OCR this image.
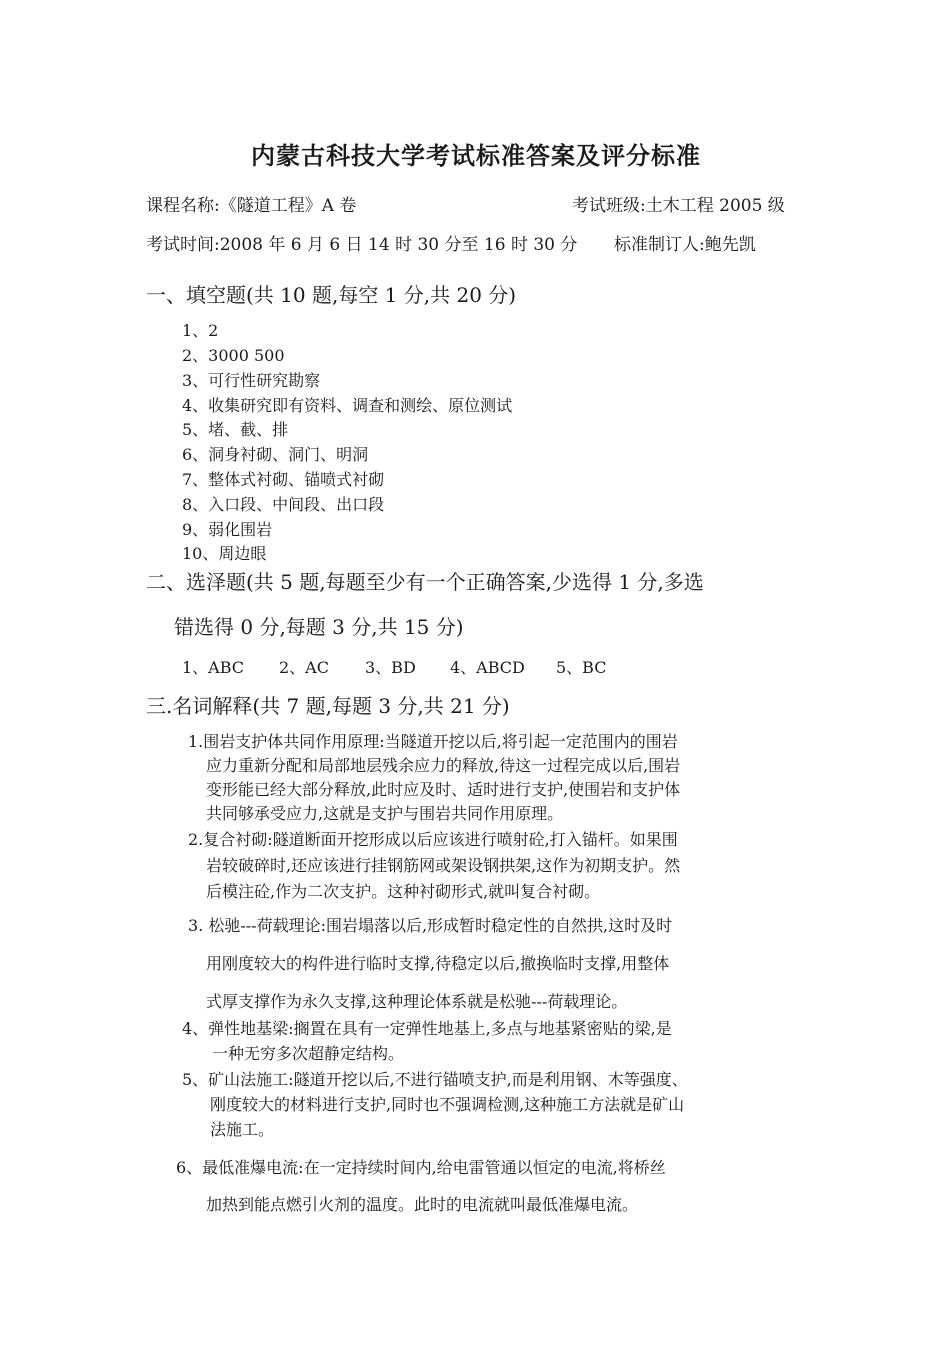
内蒙古科技大学考试标准答案及评分标准
课程名称:《隧道工程》A 卷	考试班级:土木工程 2005 级
考试时间:2008 年 6 月 6 日 14 时 30 分至 16 时 30 分 标准制订人:鲍先凯
一、填空题(共 10 题,每空 1 分,共 20 分)
1、2
2、3000 500
3、可行性研究勘察
4、收集研究即有资料、调查和测绘、原位测试
5、堵、截、排
6、洞身衬砌、洞门、明洞
7、整体式衬砌、锚喷式衬砌
8、入口段、中间段、出口段
9、弱化围岩
10、周边眼
二、选泽题(共 5 题,每题至少有一个正确答案,少选得 1 分,多选
错选得 0 分,每题 3 分,共 15 分)
1、ABC 2、AC 3、BD 4、ABCD 5、BC
三.名词解释(共 7 题,每题 3 分,共 21 分)
1.围岩支护体共同作用原理:当隧道开挖以后,将引起一定范围内的围岩
应力重新分配和局部地层残余应力的释放,待这一过程完成以后,围岩
变形能已经大部分释放,此时应及时、适时进行支护,使围岩和支护体
共同够承受应力,这就是支护与围岩共同作用原理。
2.复合衬砌:隧道断面开挖形成以后应该进行喷射砼,打入锚杆。如果围
岩较破碎时,还应该进行挂钢筋网或架设钢拱架,这作为初期支护。然
后模注砼,作为二次支护。这种衬砌形式,就叫复合衬砌。
3. 松驰---荷载理论:围岩塌落以后,形成暂时稳定性的自然拱,这时及时
用刚度较大的构件进行临时支撑,待稳定以后,撤换临时支撑,用整体
式厚支撑作为永久支撑,这种理论体系就是松驰---荷载理论。
4、弹性地基梁:搁置在具有一定弹性地基上,多点与地基紧密贴的梁,是
一种无穷多次超静定结构。
5、矿山法施工:隧道开挖以后,不进行锚喷支护,而是利用钢、木等强度、
刚度较大的材料进行支护,同时也不强调检测,这种施工方法就是矿山
法施工。
6、最低准爆电流:在一定持续时间内,给电雷管通以恒定的电流,将桥丝
加热到能点燃引火剂的温度。此时的电流就叫最低准爆电流。
